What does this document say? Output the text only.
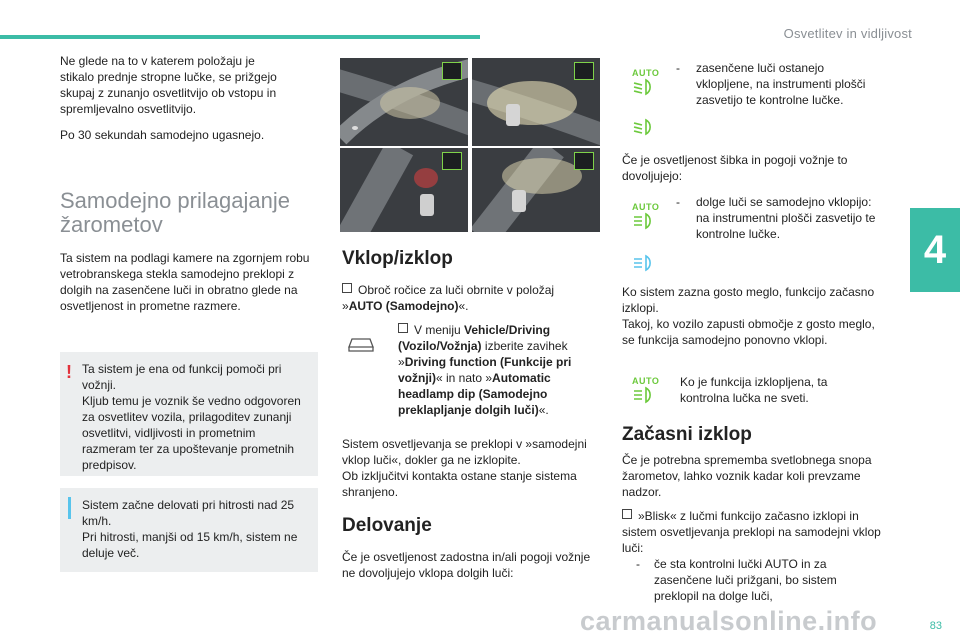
Osvetlitev in vidljivost
4
83
carmanualsonline.info
Ne glede na to v katerem položaju je stikalo prednje stropne lučke, se prižgejo skupaj z zunanjo osvetlitvijo ob vstopu in spremljevalno osvetlitvijo.
Po 30 sekundah samodejno ugasnejo.
Samodejno prilagajanje žarometov
Ta sistem na podlagi kamere na zgornjem robu vetrobranskega stekla samodejno preklopi z dolgih na zasenčene luči in obratno glede na osvetljenost in prometne razmere.
! Ta sistem je ena od funkcij pomoči pri vožnji.
Kljub temu je voznik še vedno odgovoren za osvetlitev vozila, prilagoditev zunanji osvetlitvi, vidljivosti in prometnim razmeram ter za upoštevanje prometnih predpisov.
Sistem začne delovati pri hitrosti nad 25 km/h.
Pri hitrosti, manjši od 15 km/h, sistem ne deluje več.
Vklop/izklop
Obroč ročice za luči obrnite v položaj »AUTO (Samodejno)«.
V meniju Vehicle/Driving (Vozilo/Vožnja) izberite zavihek »Driving function (Funkcije pri vožnji)« in nato »Automatic headlamp dip (Samodejno preklapljanje dolgih luči)«.
Sistem osvetljevanja se preklopi v »samodejni vklop luči«, dokler ga ne izklopite.
Ob izključitvi kontakta ostane stanje sistema shranjeno.
Delovanje
Če je osvetljenost zadostna in/ali pogoji vožnje ne dovoljujejo vklopa dolgih luči:
AUTO	- zasenčene luči ostanejo vklopljene, na instrumenti plošči zasvetijo te kontrolne lučke.
Če je osvetljenost šibka in pogoji vožnje to dovoljujejo:
AUTO	- dolge luči se samodejno vklopijo: na instrumentni plošči zasvetijo te kontrolne lučke.
Ko sistem zazna gosto meglo, funkcijo začasno izklopi.
Takoj, ko vozilo zapusti območje z gosto meglo, se funkcija samodejno ponovno vklopi.
AUTO	Ko je funkcija izklopljena, ta kontrolna lučka ne sveti.
Začasni izklop
Če je potrebna sprememba svetlobnega snopa žarometov, lahko voznik kadar koli prevzame nadzor.
»Blisk« z lučmi funkcijo začasno izklopi in sistem osvetljevanja preklopi na samodejni vklop luči:
- če sta kontrolni lučki AUTO in za zasenčene luči prižgani, bo sistem preklopil na dolge luči,
